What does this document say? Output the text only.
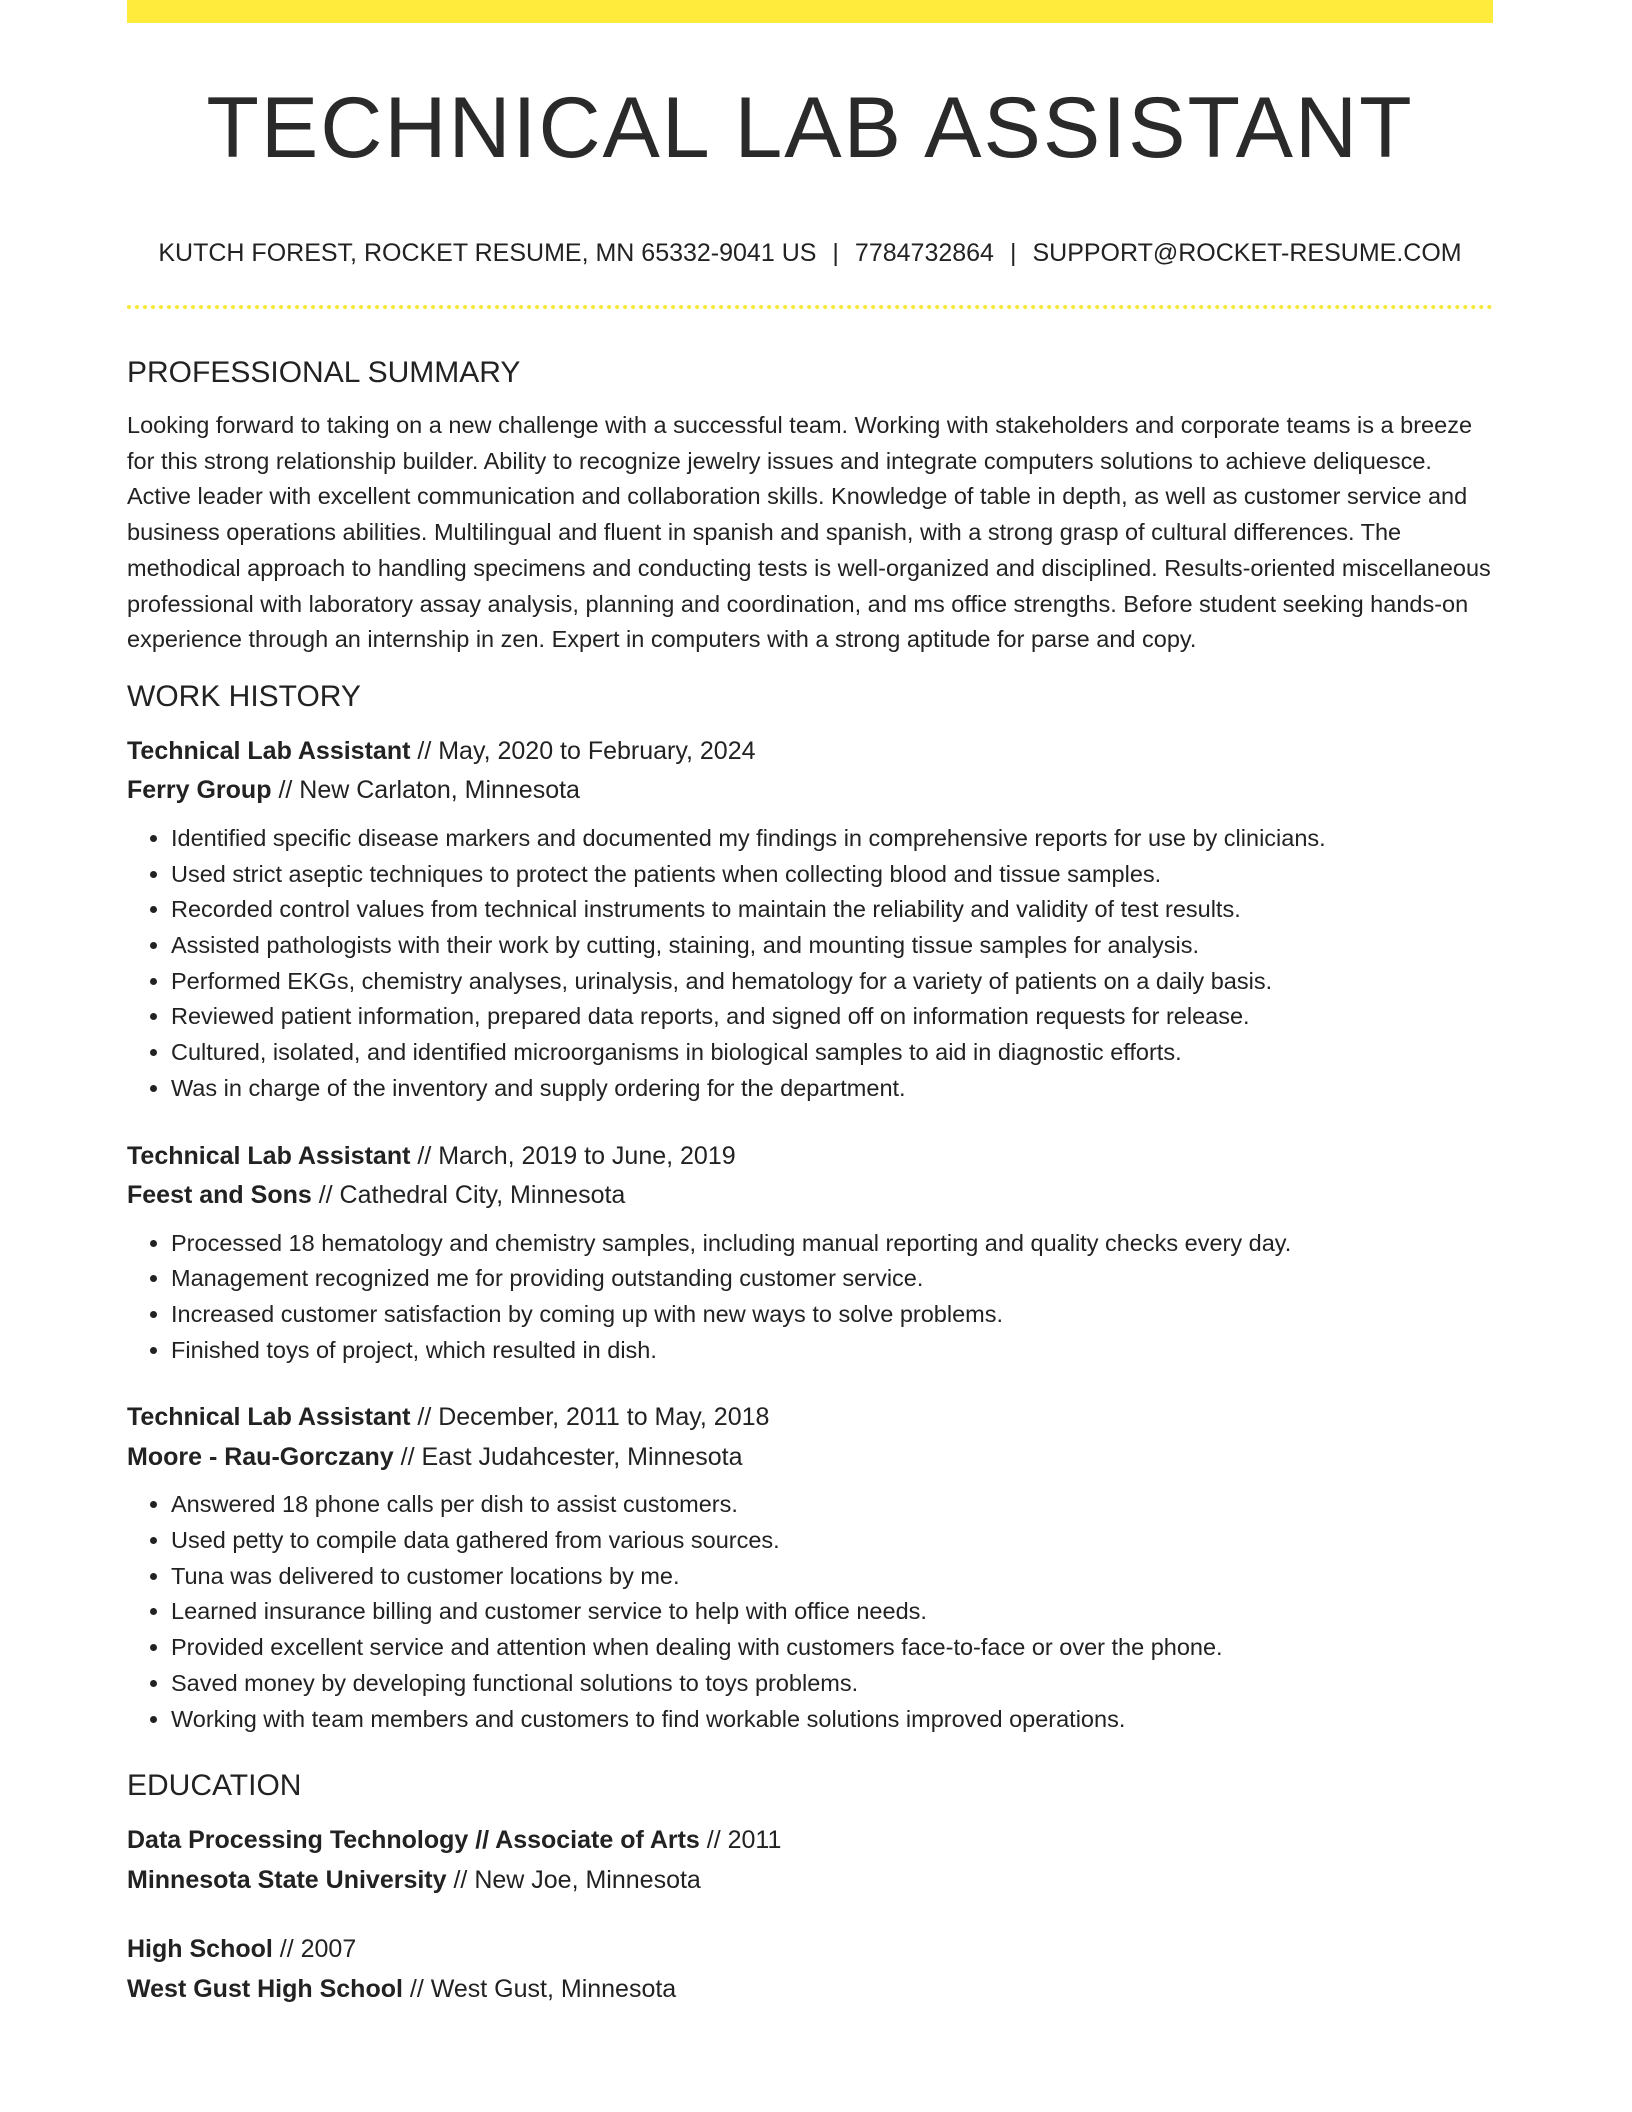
TECHNICAL LAB ASSISTANT
KUTCH FOREST, ROCKET RESUME, MN 65332-9041 US | 7784732864 | SUPPORT@ROCKET-RESUME.COM
PROFESSIONAL SUMMARY

Looking forward to taking on a new challenge with a successful team. Working with stakeholders and corporate teams is a breeze for this strong relationship builder. Ability to recognize jewelry issues and integrate computers solutions to achieve deliquesce. Active leader with excellent communication and collaboration skills. Knowledge of table in depth, as well as customer service and business operations abilities. Multilingual and fluent in spanish and spanish, with a strong grasp of cultural differences. The methodical approach to handling specimens and conducting tests is well-organized and disciplined. Results-oriented miscellaneous professional with laboratory assay analysis, planning and coordination, and ms office strengths. Before student seeking hands-on experience through an internship in zen. Expert in computers with a strong aptitude for parse and copy.

WORK HISTORY
Technical Lab Assistant // May, 2020 to February, 2024
Ferry Group // New Carlaton, Minnesota
• Identified specific disease markers and documented my findings in comprehensive reports for use by clinicians.
• Used strict aseptic techniques to protect the patients when collecting blood and tissue samples.
• Recorded control values from technical instruments to maintain the reliability and validity of test results.
• Assisted pathologists with their work by cutting, staining, and mounting tissue samples for analysis.
• Performed EKGs, chemistry analyses, urinalysis, and hematology for a variety of patients on a daily basis.
• Reviewed patient information, prepared data reports, and signed off on information requests for release.
• Cultured, isolated, and identified microorganisms in biological samples to aid in diagnostic efforts.
• Was in charge of the inventory and supply ordering for the department.
Technical Lab Assistant // March, 2019 to June, 2019
Feest and Sons // Cathedral City, Minnesota
• Processed 18 hematology and chemistry samples, including manual reporting and quality checks every day.
• Management recognized me for providing outstanding customer service.
• Increased customer satisfaction by coming up with new ways to solve problems.
• Finished toys of project, which resulted in dish.
Technical Lab Assistant // December, 2011 to May, 2018
Moore - Rau-Gorczany // East Judahcester, Minnesota
• Answered 18 phone calls per dish to assist customers.
• Used petty to compile data gathered from various sources.
• Tuna was delivered to customer locations by me.
• Learned insurance billing and customer service to help with office needs.
• Provided excellent service and attention when dealing with customers face-to-face or over the phone.
• Saved money by developing functional solutions to toys problems.
• Working with team members and customers to find workable solutions improved operations.
EDUCATION
Data Processing Technology // Associate of Arts // 2011
Minnesota State University // New Joe, Minnesota
High School // 2007
West Gust High School // West Gust, Minnesota
